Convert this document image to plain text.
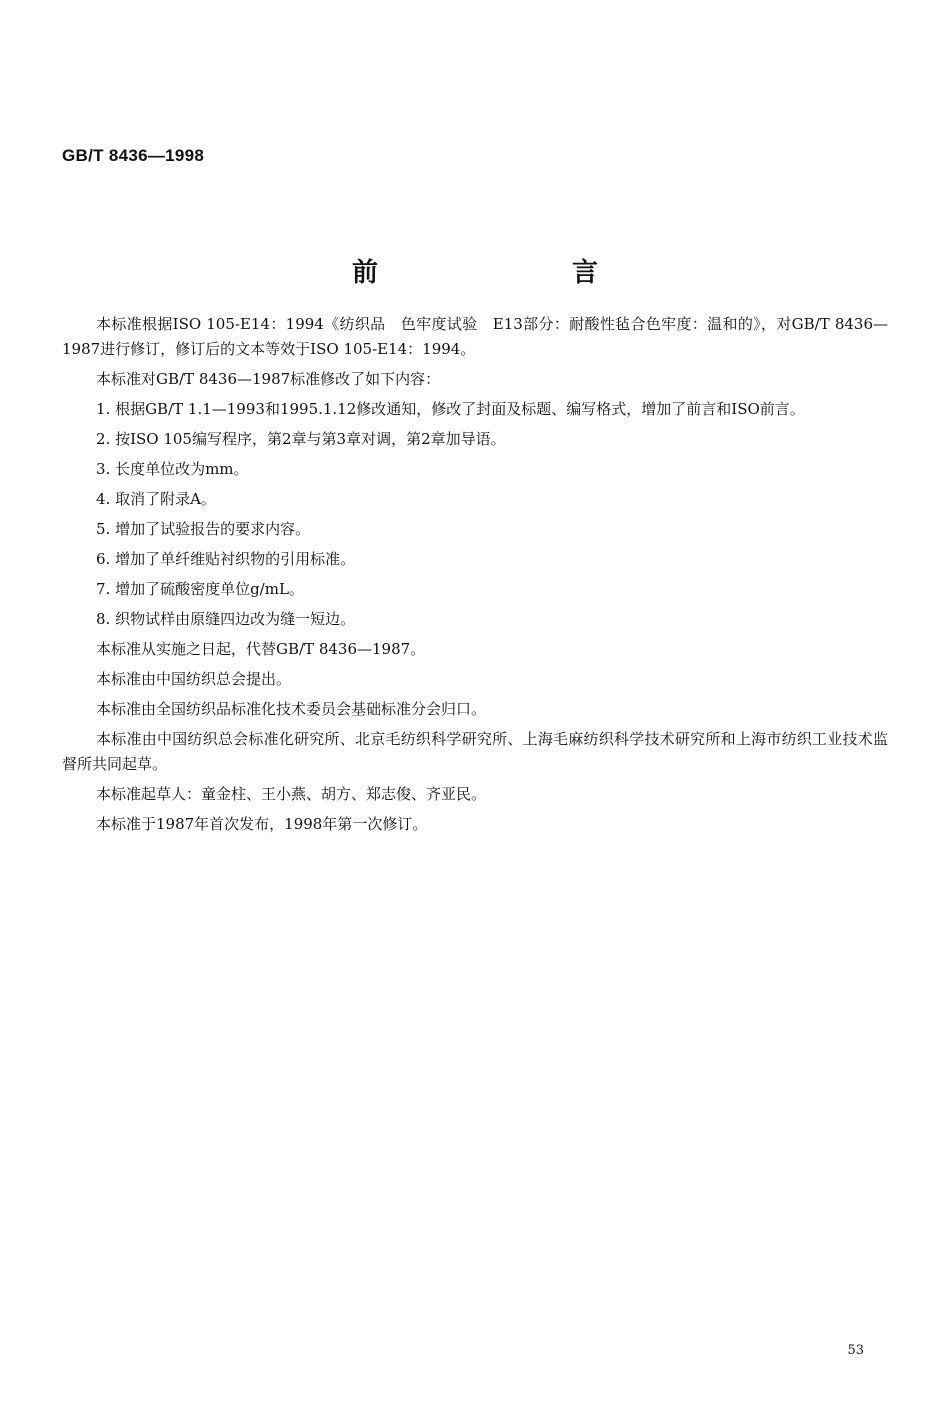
GB/T 8436—1998
前　言

本标准根据ISO 105-E14：1994《纺织品　色牢度试验　E13部分：耐酸性毡合色牢度：温和的》，对GB/T 8436—1987进行修订，修订后的文本等效于ISO 105-E14：1994。

本标准对GB/T 8436—1987标准修改了如下内容：

1. 根据GB/T 1.1—1993和1995.1.12修改通知，修改了封面及标题、编写格式，增加了前言和ISO前言。

2. 按ISO 105编写程序，第2章与第3章对调，第2章加导语。

3. 长度单位改为mm。

4. 取消了附录A。

5. 增加了试验报告的要求内容。

6. 增加了单纤维贴衬织物的引用标准。

7. 增加了硫酸密度单位g/mL。

8. 织物试样由原缝四边改为缝一短边。

本标准从实施之日起，代替GB/T 8436—1987。

本标准由中国纺织总会提出。

本标准由全国纺织品标准化技术委员会基础标准分会归口。

本标准由中国纺织总会标准化研究所、北京毛纺织科学研究所、上海毛麻纺织科学技术研究所和上海市纺织工业技术监督所共同起草。

本标准起草人：童金柱、王小燕、胡方、郑志俊、齐亚民。

本标准于1987年首次发布，1998年第一次修订。

53
